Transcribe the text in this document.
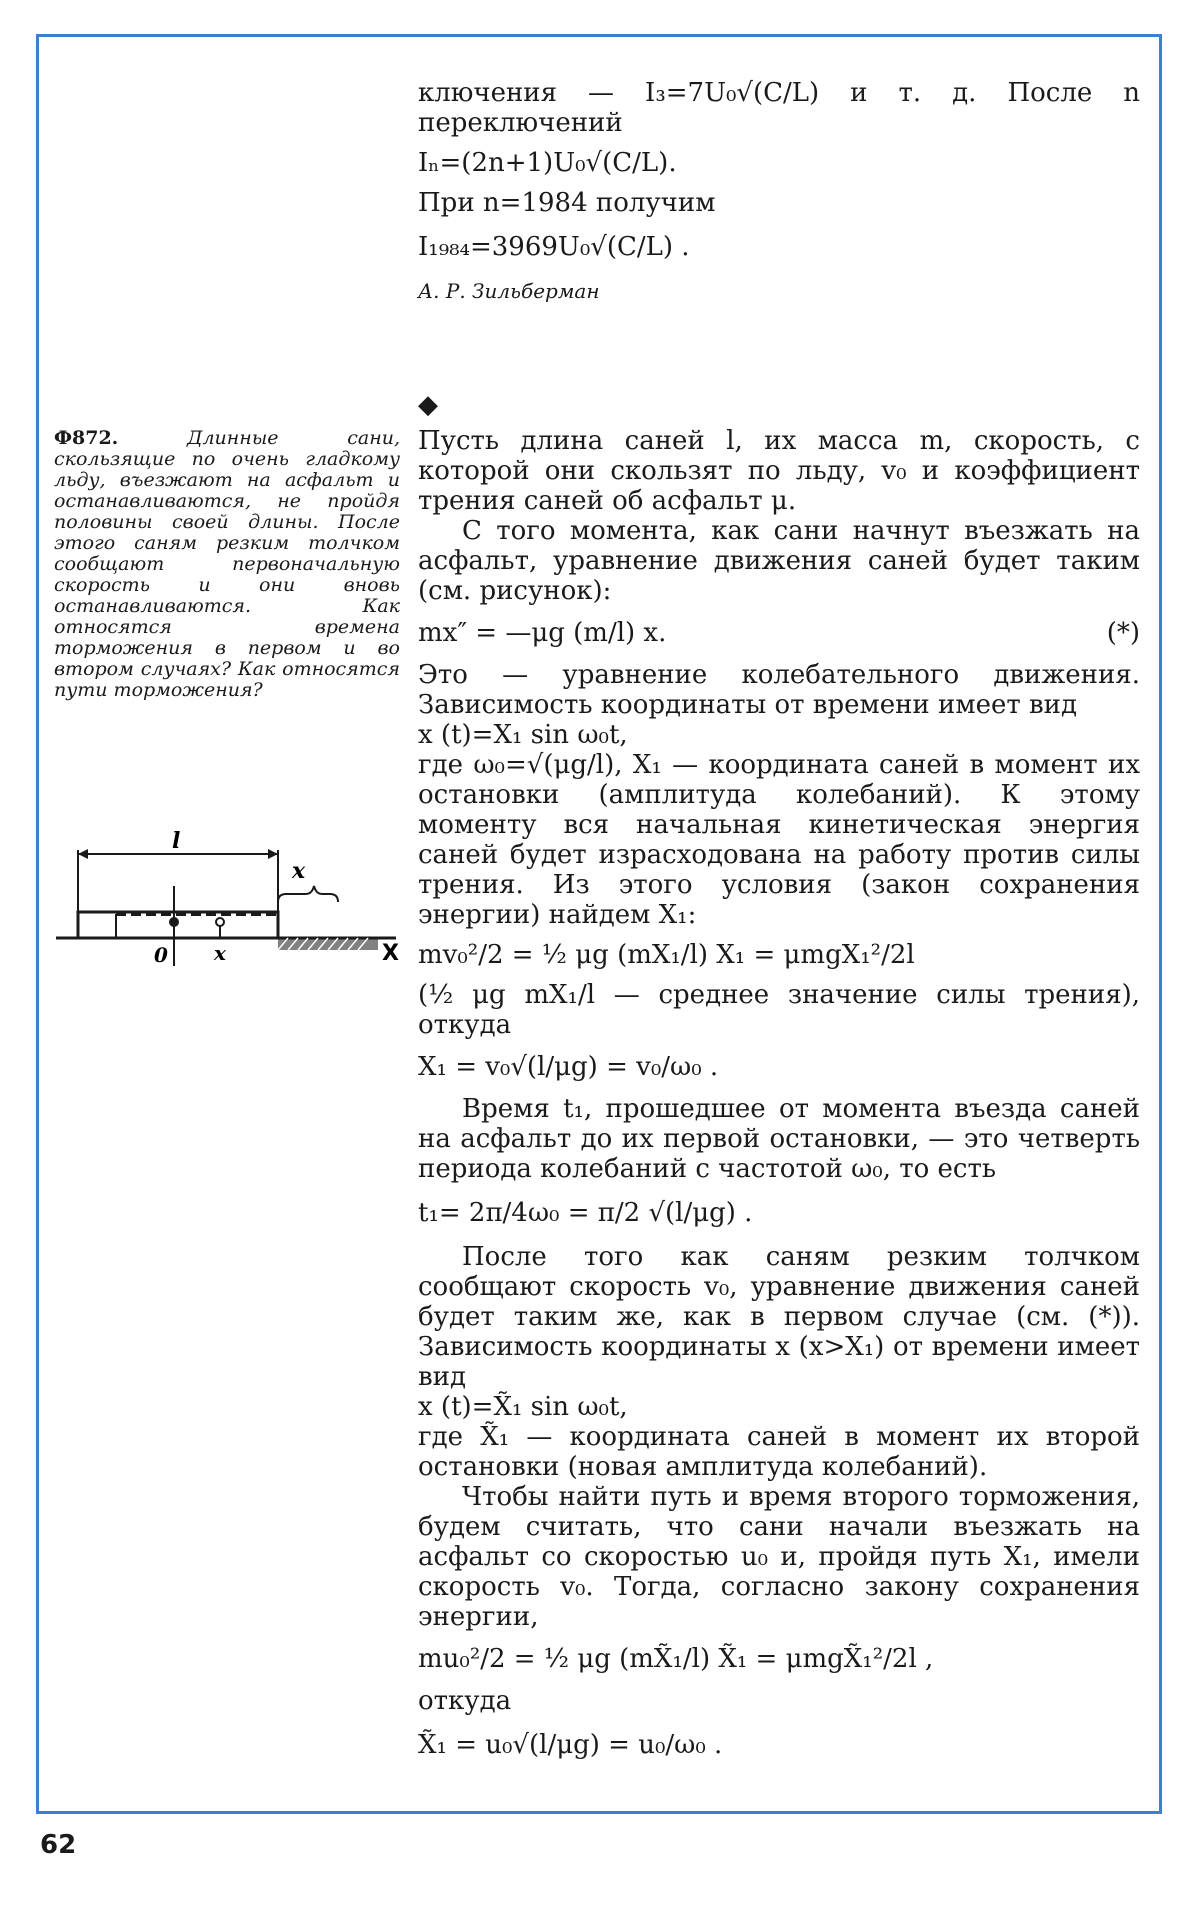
ключения — I₃=7U₀√(C/L) и т. д. После n переключений

Iₙ=(2n+1)U₀√(C/L).

При n=1984 получим

I₁₉₈₄=3969U₀√(C/L) .

А. Р. Зильберман

◆
Ф872.	Длинные сани, скользящие по очень гладкому льду, въезжают на асфальт и останавливаются, не пройдя половины своей длины. После этого саням резким толчком сообщают первоначальную скорость и они вновь останавливаются. Как относятся времена торможения в первом и во втором случаях? Как относятся пути торможения?
l
x
0 x	X

Пусть длина саней l, их масса m, скорость, с которой они скользят по льду, v₀ и коэффициент трения саней об асфальт μ.

С того момента, как сани начнут въезжать на асфальт, уравнение движения саней будет таким (см. рисунок):

mx″ = —μg (m/l) x.	(*)

Это — уравнение колебательного движения. Зависимость координаты от времени имеет вид

x (t)=X₁ sin ω₀t,

где ω₀=√(μg/l), X₁ — координата саней в момент их остановки (амплитуда колебаний). К этому моменту вся начальная кинетическая энергия саней будет израсходована на работу против силы трения. Из этого условия (закон сохранения энергии) найдем X₁:

mv₀²/2 = ½ μg (mX₁/l) X₁ = μmgX₁²/2l

(½ μg mX₁/l — среднее значение силы трения), откуда

X₁ = v₀√(l/μg) = v₀/ω₀ .

Время t₁, прошедшее от момента въезда саней на асфальт до их первой остановки, — это четверть периода колебаний с частотой ω₀, то есть

t₁= 2π/4ω₀ = π/2 √(l/μg) .

После того как саням резким толчком сообщают скорость v₀, уравнение движения саней будет таким же, как в первом случае (см. (*)). Зависимость координаты x (x>X₁) от времени имеет вид

x (t)=X̃₁ sin ω₀t,

где X̃₁ — координата саней в момент их второй остановки (новая амплитуда колебаний).

Чтобы найти путь и время второго торможения, будем считать, что сани начали въезжать на асфальт со скоростью u₀ и, пройдя путь X₁, имели скорость v₀. Тогда, согласно закону сохранения энергии,

mu₀²/2 = ½ μg (mX̃₁/l) X̃₁ = μmgX̃₁²/2l ,

откуда

X̃₁ = u₀√(l/μg) = u₀/ω₀ .

62
